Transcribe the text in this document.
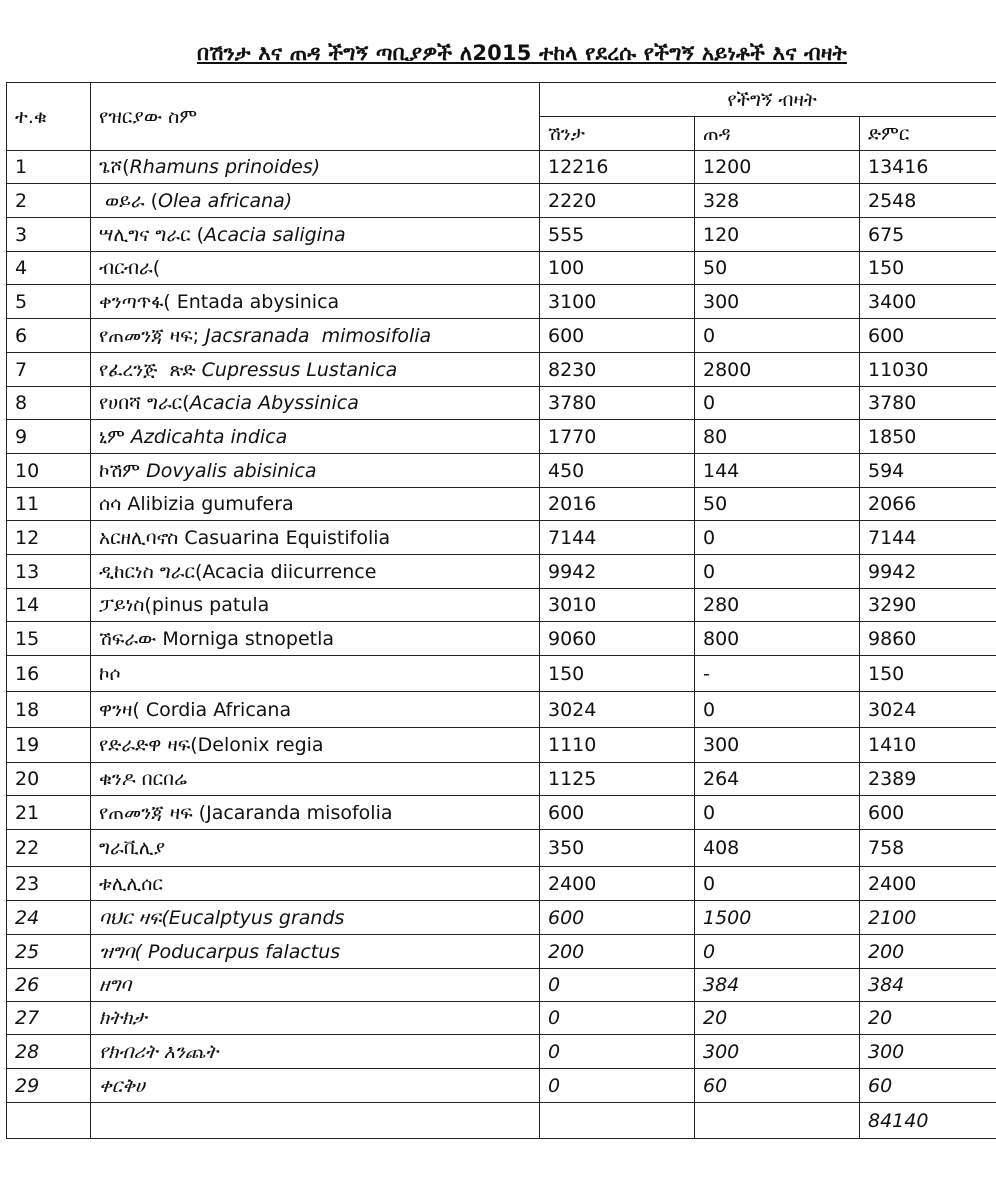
በሽንታ እና ጠዳ ችግኝ ጣቢያዎች ለ2015 ተከላ የደረሱ የችግኝ አይነቶች እና ብዛት
ተ.ቁ	የዝርያው ስም	የችግኝ ብዛት		
		ሽንታ	ጠዳ	ድምር
1	ጌሾ(Rhamuns prinoides)	12216	1200	13416
2	ወይራ (Olea africana)	2220	328	2548
3	ሣሊግና ግራር (Acacia saligina	555	120	675
4	ብርብራ(	100	50	150
5	ቀንጣጥፋ( Entada abysinica	3100	300	3400
6	የጠመንጃ ዛፍ; Jacsranada  mimosifolia	600	0	600
7	የፈረንጅ  ጽድ Cupressus Lustanica	8230	2800	11030
8	የሀበሻ ግራር(Acacia Abyssinica	3780	0	3780
9	ኒም Azdicahta indica	1770	80	1850
10	ኮሽም Dovyalis abisinica	450	144	594
11	ሰሳ Alibizia gumufera	2016	50	2066
12	አርዘሊባኖስ Casuarina Equistifolia	7144	0	7144
13	ዲከርነስ ግራር(Acacia diicurrence	9942	0	9942
14	ፓይነስ(pinus patula	3010	280	3290
15	ሽፍራው Morniga stnopetla	9060	800	9860
16	ኮሶ	150	-	150
18	ዋንዛ( Cordia Africana	3024	0	3024
19	የድራድዋ ዛፍ(Delonix regia	1110	300	1410
20	ቁንዶ በርበሬ	1125	264	2389
21	የጠመንጃ ዛፍ (Jacaranda misofolia	600	0	600
22	ግራቪሊያ	350	408	758
23	ቱሊሊሰር	2400	0	2400
24	ባህር ዛፍ(Eucalptyus grands	600	1500	2100
25	ዝግባ( Poducarpus falactus	200	0	200
26	ዘግባ	0	384	384
27	ክትክታ	0	20	20
28	የክብሪት እንጨት	0	300	300
29	ቀርቅሀ	0	60	60
				84140
